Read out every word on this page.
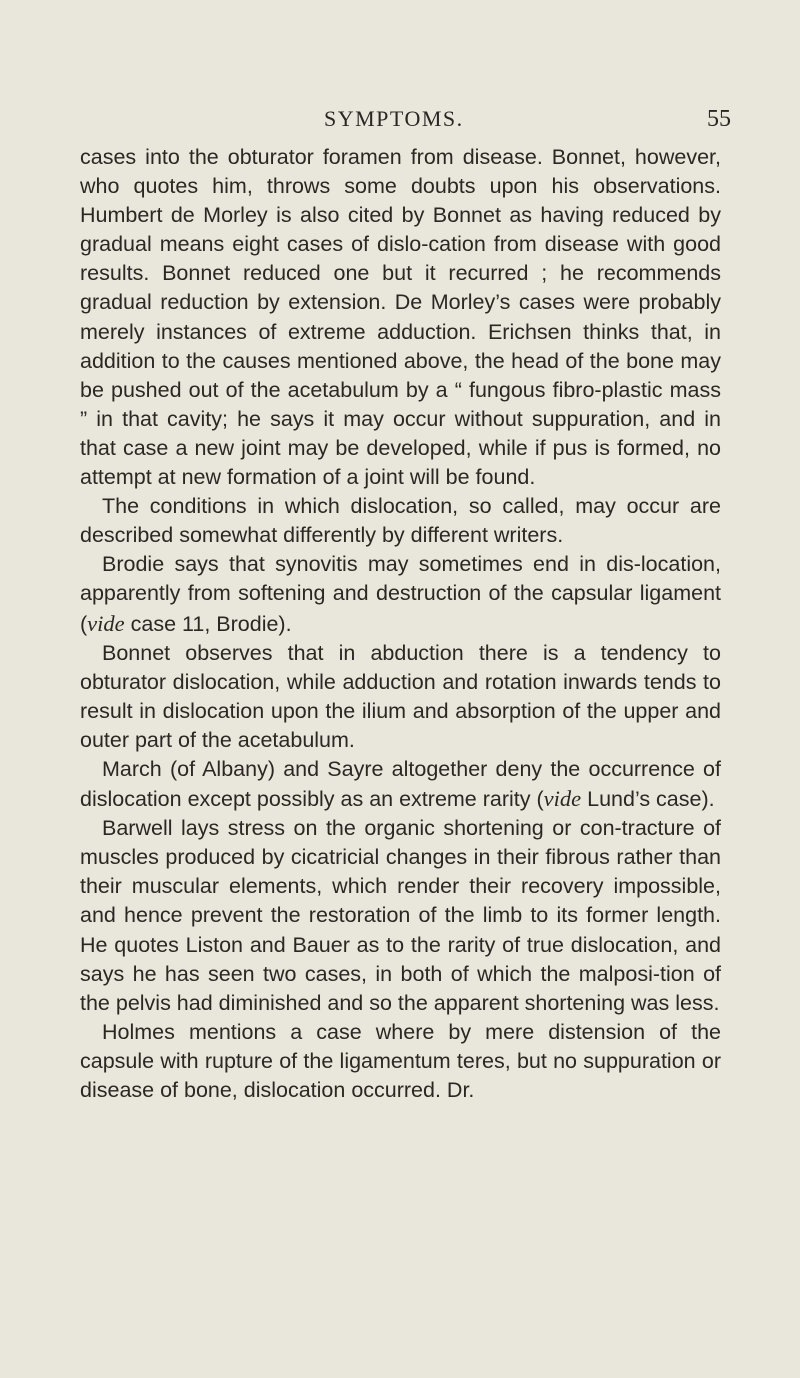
SYMPTOMS.	55

cases into the obturator foramen from disease. Bonnet, however, who quotes him, throws some doubts upon his observations. Humbert de Morley is also cited by Bonnet as having reduced by gradual means eight cases of dislo-cation from disease with good results. Bonnet reduced one but it recurred ; he recommends gradual reduction by extension. De Morley’s cases were probably merely instances of extreme adduction. Erichsen thinks that, in addition to the causes mentioned above, the head of the bone may be pushed out of the acetabulum by a “ fungous fibro-plastic mass ” in that cavity; he says it may occur without suppuration, and in that case a new joint may be developed, while if pus is formed, no attempt at new formation of a joint will be found.

The conditions in which dislocation, so called, may occur are described somewhat differently by different writers.

Brodie says that synovitis may sometimes end in dis-location, apparently from softening and destruction of the capsular ligament (vide case 11, Brodie).

Bonnet observes that in abduction there is a tendency to obturator dislocation, while adduction and rotation inwards tends to result in dislocation upon the ilium and absorption of the upper and outer part of the acetabulum.

March (of Albany) and Sayre altogether deny the occurrence of dislocation except possibly as an extreme rarity (vide Lund’s case).

Barwell lays stress on the organic shortening or con-tracture of muscles produced by cicatricial changes in their fibrous rather than their muscular elements, which render their recovery impossible, and hence prevent the restoration of the limb to its former length. He quotes Liston and Bauer as to the rarity of true dislocation, and says he has seen two cases, in both of which the malposi-tion of the pelvis had diminished and so the apparent shortening was less.

Holmes mentions a case where by mere distension of the capsule with rupture of the ligamentum teres, but no suppuration or disease of bone, dislocation occurred. Dr.
